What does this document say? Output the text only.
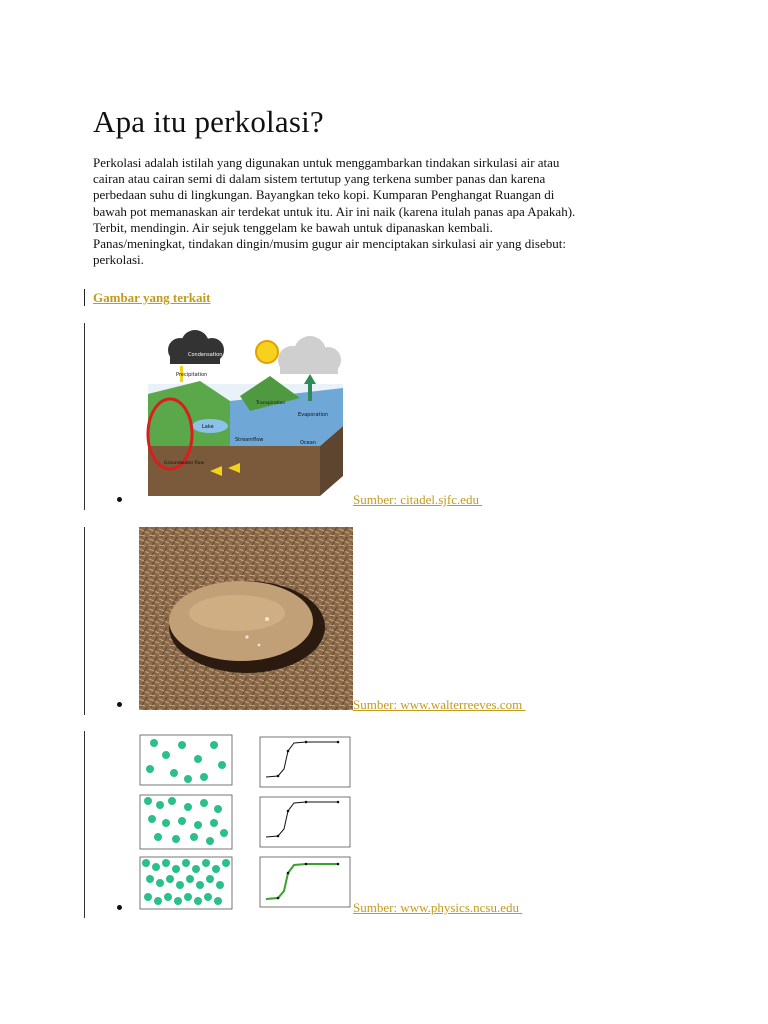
Apa itu perkolasi?

Perkolasi adalah istilah yang digunakan untuk menggambarkan tindakan sirkulasi air atau
cairan atau cairan semi di dalam sistem tertutup yang terkena sumber panas dan karena
perbedaan suhu di lingkungan. Bayangkan teko kopi. Kumparan Penghangat Ruangan di
bawah pot memanaskan air terdekat untuk itu. Air ini naik (karena itulah panas apa Apakah).
Terbit, mendingin. Air sejuk tenggelam ke bawah untuk dipanaskan kembali.
Panas/meningkat, tindakan dingin/musim gugur air menciptakan sirkulasi air yang disebut:
perkolasi.

Gambar yang terkait
Condensation
Precipitation
Lake
Streamflow
Evaporation
Transpiration
Ocean
Groundwater flow
Sumber: citadel.sjfc.edu
Sumber: www.walterreeves.com
Sumber: www.physics.ncsu.edu
